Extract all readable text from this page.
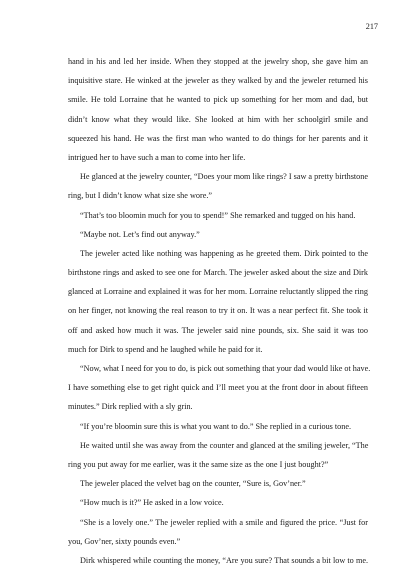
217
hand in his and led her inside. When they stopped at the jewelry shop, she gave him an
inquisitive stare. He winked at the jeweler as they walked by and the jeweler returned his
smile. He told Lorraine that he wanted to pick up something for her mom and dad, but
didn’t know what they would like. She looked at him with her schoolgirl smile and
squeezed his hand. He was the first man who wanted to do things for her parents and it
intrigued her to have such a man to come into her life.
He glanced at the jewelry counter, “Does your mom like rings? I saw a pretty birthstone
ring, but I didn’t know what size she wore.”
“That’s too bloomin much for you to spend!” She remarked and tugged on his hand.
“Maybe not. Let’s find out anyway.”
The jeweler acted like nothing was happening as he greeted them. Dirk pointed to the
birthstone rings and asked to see one for March. The jeweler asked about the size and Dirk
glanced at Lorraine and explained it was for her mom. Lorraine reluctantly slipped the ring
on her finger, not knowing the real reason to try it on. It was a near perfect fit. She took it
off and asked how much it was. The jeweler said nine pounds, six. She said it was too
much for Dirk to spend and he laughed while he paid for it.
“Now, what I need for you to do, is pick out something that your dad would like ot have.
I have something else to get right quick and I’ll meet you at the front door in about fifteen
minutes.” Dirk replied with a sly grin.
“If you’re bloomin sure this is what you want to do.” She replied in a curious tone.
He waited until she was away from the counter and glanced at the smiling jeweler, “The
ring you put away for me earlier, was it the same size as the one I just bought?”
The jeweler placed the velvet bag on the counter, “Sure is, Gov’ner.”
“How much is it?” He asked in a low voice.
“She is a lovely one.” The jeweler replied with a smile and figured the price. “Just for
you, Gov’ner, sixty pounds even.”
Dirk whispered while counting the money, “Are you sure? That sounds a bit low to me.
